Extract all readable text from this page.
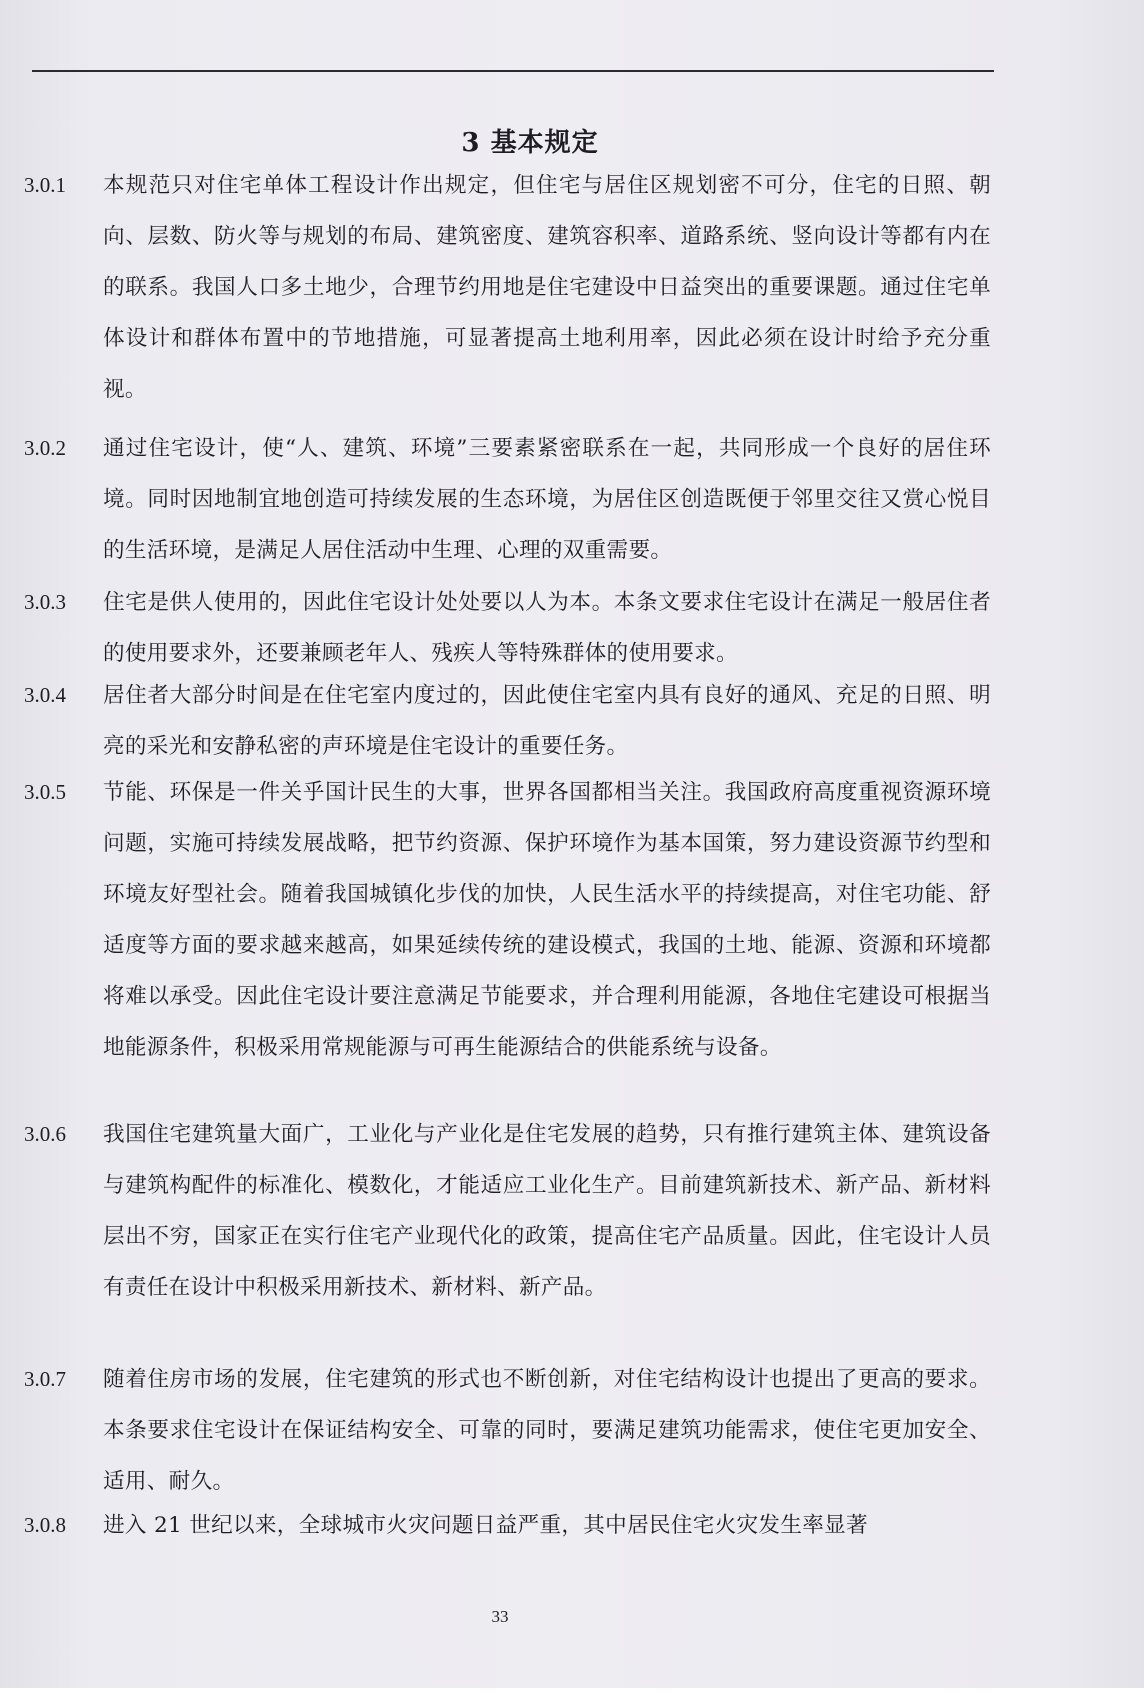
3 基本规定
3.0.1	本规范只对住宅单体工程设计作出规定，但住宅与居住区规划密不可分，住宅的日照、朝向、层数、防火等与规划的布局、建筑密度、建筑容积率、道路系统、竖向设计等都有内在的联系。我国人口多土地少，合理节约用地是住宅建设中日益突出的重要课题。通过住宅单体设计和群体布置中的节地措施，可显著提高土地利用率，因此必须在设计时给予充分重视。
3.0.2	通过住宅设计，使“人、建筑、环境”三要素紧密联系在一起，共同形成一个良好的居住环境。同时因地制宜地创造可持续发展的生态环境，为居住区创造既便于邻里交往又赏心悦目的生活环境，是满足人居住活动中生理、心理的双重需要。
3.0.3	住宅是供人使用的，因此住宅设计处处要以人为本。本条文要求住宅设计在满足一般居住者的使用要求外，还要兼顾老年人、残疾人等特殊群体的使用要求。
3.0.4	居住者大部分时间是在住宅室内度过的，因此使住宅室内具有良好的通风、充足的日照、明亮的采光和安静私密的声环境是住宅设计的重要任务。
3.0.5	节能、环保是一件关乎国计民生的大事，世界各国都相当关注。我国政府高度重视资源环境问题，实施可持续发展战略，把节约资源、保护环境作为基本国策，努力建设资源节约型和环境友好型社会。随着我国城镇化步伐的加快，人民生活水平的持续提高，对住宅功能、舒适度等方面的要求越来越高，如果延续传统的建设模式，我国的土地、能源、资源和环境都将难以承受。因此住宅设计要注意满足节能要求，并合理利用能源，各地住宅建设可根据当地能源条件，积极采用常规能源与可再生能源结合的供能系统与设备。
3.0.6	我国住宅建筑量大面广，工业化与产业化是住宅发展的趋势，只有推行建筑主体、建筑设备与建筑构配件的标准化、模数化，才能适应工业化生产。目前建筑新技术、新产品、新材料层出不穷，国家正在实行住宅产业现代化的政策，提高住宅产品质量。因此，住宅设计人员有责任在设计中积极采用新技术、新材料、新产品。
3.0.7	随着住房市场的发展，住宅建筑的形式也不断创新，对住宅结构设计也提出了更高的要求。本条要求住宅设计在保证结构安全、可靠的同时，要满足建筑功能需求，使住宅更加安全、适用、耐久。
3.0.8	进入 21 世纪以来，全球城市火灾问题日益严重，其中居民住宅火灾发生率显著
33
